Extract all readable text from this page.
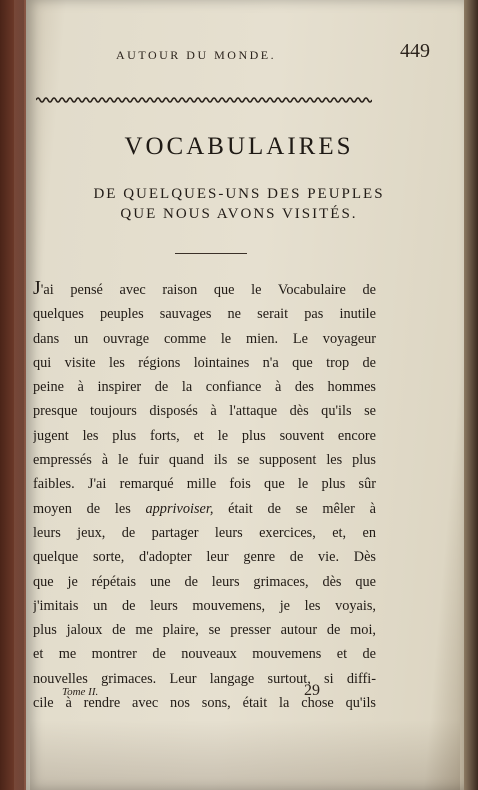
AUTOUR DU MONDE.	449
VOCABULAIRES
DE QUELQUES-UNS DES PEUPLES
QUE NOUS AVONS VISITÉS.
J'ai pensé avec raison que le Vocabulaire de
quelques peuples sauvages ne serait pas inutile
dans un ouvrage comme le mien. Le voyageur
qui visite les régions lointaines n'a que trop de
peine à inspirer de la confiance à des hommes
presque toujours disposés à l'attaque dès qu'ils se
jugent les plus forts, et le plus souvent encore
empressés à le fuir quand ils se supposent les plus
faibles. J'ai remarqué mille fois que le plus sûr
moyen de les apprivoiser, était de se mêler à
leurs jeux, de partager leurs exercices, et, en
quelque sorte, d'adopter leur genre de vie. Dès
que je répétais une de leurs grimaces, dès que
j'imitais un de leurs mouvemens, je les voyais,
plus jaloux de me plaire, se presser autour de moi,
et me montrer de nouveaux mouvemens et de
nouvelles grimaces. Leur langage surtout, si diffi-
cile à rendre avec nos sons, était la chose qu'ils
Tome II.	29
